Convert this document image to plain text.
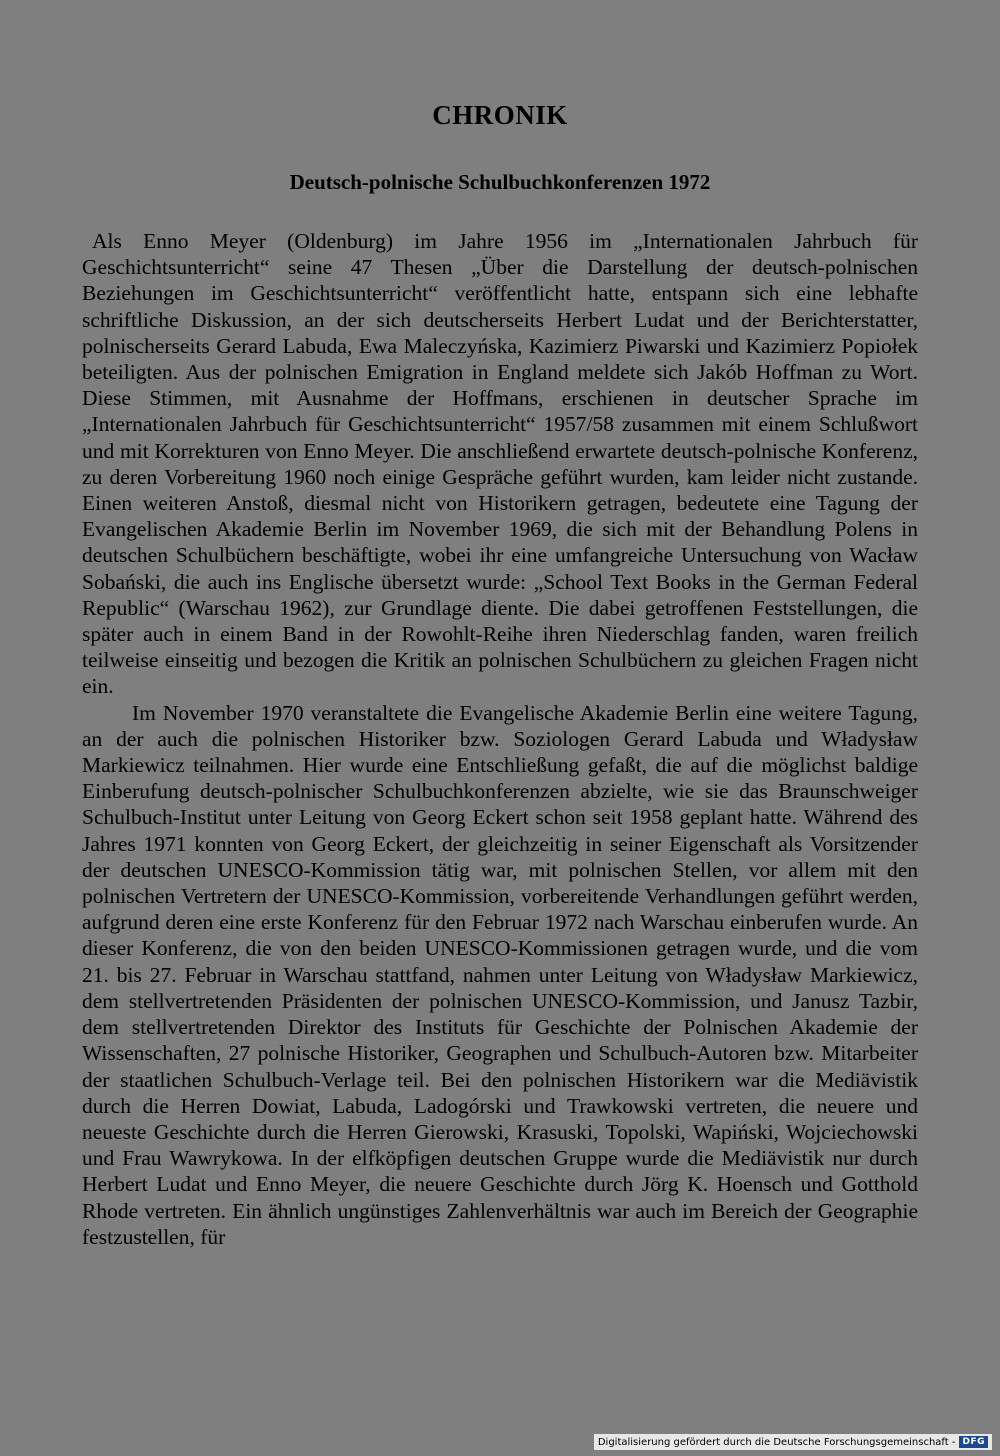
CHRONIK
Deutsch-polnische Schulbuchkonferenzen 1972

Als Enno Meyer (Oldenburg) im Jahre 1956 im „Internationalen Jahrbuch für Geschichtsunterricht“ seine 47 Thesen „Über die Darstellung der deutsch-polnischen Beziehungen im Geschichtsunterricht“ veröffentlicht hatte, entspann sich eine lebhafte schriftliche Diskussion, an der sich deutscherseits Herbert Ludat und der Berichterstatter, polnischerseits Gerard Labuda, Ewa Maleczyńska, Kazimierz Piwarski und Kazimierz Popiołek beteiligten. Aus der polnischen Emigration in England meldete sich Jakób Hoffman zu Wort. Diese Stimmen, mit Ausnahme der Hoffmans, erschienen in deutscher Sprache im „Internationalen Jahrbuch für Geschichtsunterricht“ 1957/58 zusammen mit einem Schlußwort und mit Korrekturen von Enno Meyer. Die anschließend erwartete deutsch-polnische Konferenz, zu deren Vorbereitung 1960 noch einige Gespräche geführt wurden, kam leider nicht zustande. Einen weiteren Anstoß, diesmal nicht von Historikern getragen, bedeutete eine Tagung der Evangelischen Akademie Berlin im November 1969, die sich mit der Behandlung Polens in deutschen Schulbüchern beschäftigte, wobei ihr eine umfangreiche Untersuchung von Wacław Sobański, die auch ins Englische übersetzt wurde: „School Text Books in the German Federal Republic“ (Warschau 1962), zur Grundlage diente. Die dabei getroffenen Feststellungen, die später auch in einem Band in der Rowohlt-Reihe ihren Niederschlag fanden, waren freilich teilweise einseitig und bezogen die Kritik an polnischen Schulbüchern zu gleichen Fragen nicht ein.

Im November 1970 veranstaltete die Evangelische Akademie Berlin eine weitere Tagung, an der auch die polnischen Historiker bzw. Soziologen Gerard Labuda und Władysław Markiewicz teilnahmen. Hier wurde eine Entschließung gefaßt, die auf die möglichst baldige Einberufung deutsch-polnischer Schulbuchkonferenzen abzielte, wie sie das Braunschweiger Schulbuch-Institut unter Leitung von Georg Eckert schon seit 1958 geplant hatte. Während des Jahres 1971 konnten von Georg Eckert, der gleichzeitig in seiner Eigenschaft als Vorsitzender der deutschen UNESCO-Kommission tätig war, mit polnischen Stellen, vor allem mit den polnischen Vertretern der UNESCO-Kommission, vorbereitende Verhandlungen geführt werden, aufgrund deren eine erste Konferenz für den Februar 1972 nach Warschau einberufen wurde. An dieser Konferenz, die von den beiden UNESCO-Kommissionen getragen wurde, und die vom 21. bis 27. Februar in Warschau stattfand, nahmen unter Leitung von Władysław Markiewicz, dem stellvertretenden Präsidenten der polnischen UNESCO-Kommission, und Janusz Tazbir, dem stellvertretenden Direktor des Instituts für Geschichte der Polnischen Akademie der Wissenschaften, 27 polnische Historiker, Geographen und Schulbuch-Autoren bzw. Mitarbeiter der staatlichen Schulbuch-Verlage teil. Bei den polnischen Historikern war die Mediävistik durch die Herren Dowiat, Labuda, Ladogórski und Trawkowski vertreten, die neuere und neueste Geschichte durch die Herren Gierowski, Krasuski, Topolski, Wapiński, Wojciechowski und Frau Wawrykowa. In der elfköpfigen deutschen Gruppe wurde die Mediävistik nur durch Herbert Ludat und Enno Meyer, die neuere Geschichte durch Jörg K. Hoensch und Gotthold Rhode vertreten. Ein ähnlich ungünstiges Zahlenverhältnis war auch im Bereich der Geographie festzustellen, für

Digitalisierung gefördert durch die Deutsche Forschungsgemeinschaft - DFG
